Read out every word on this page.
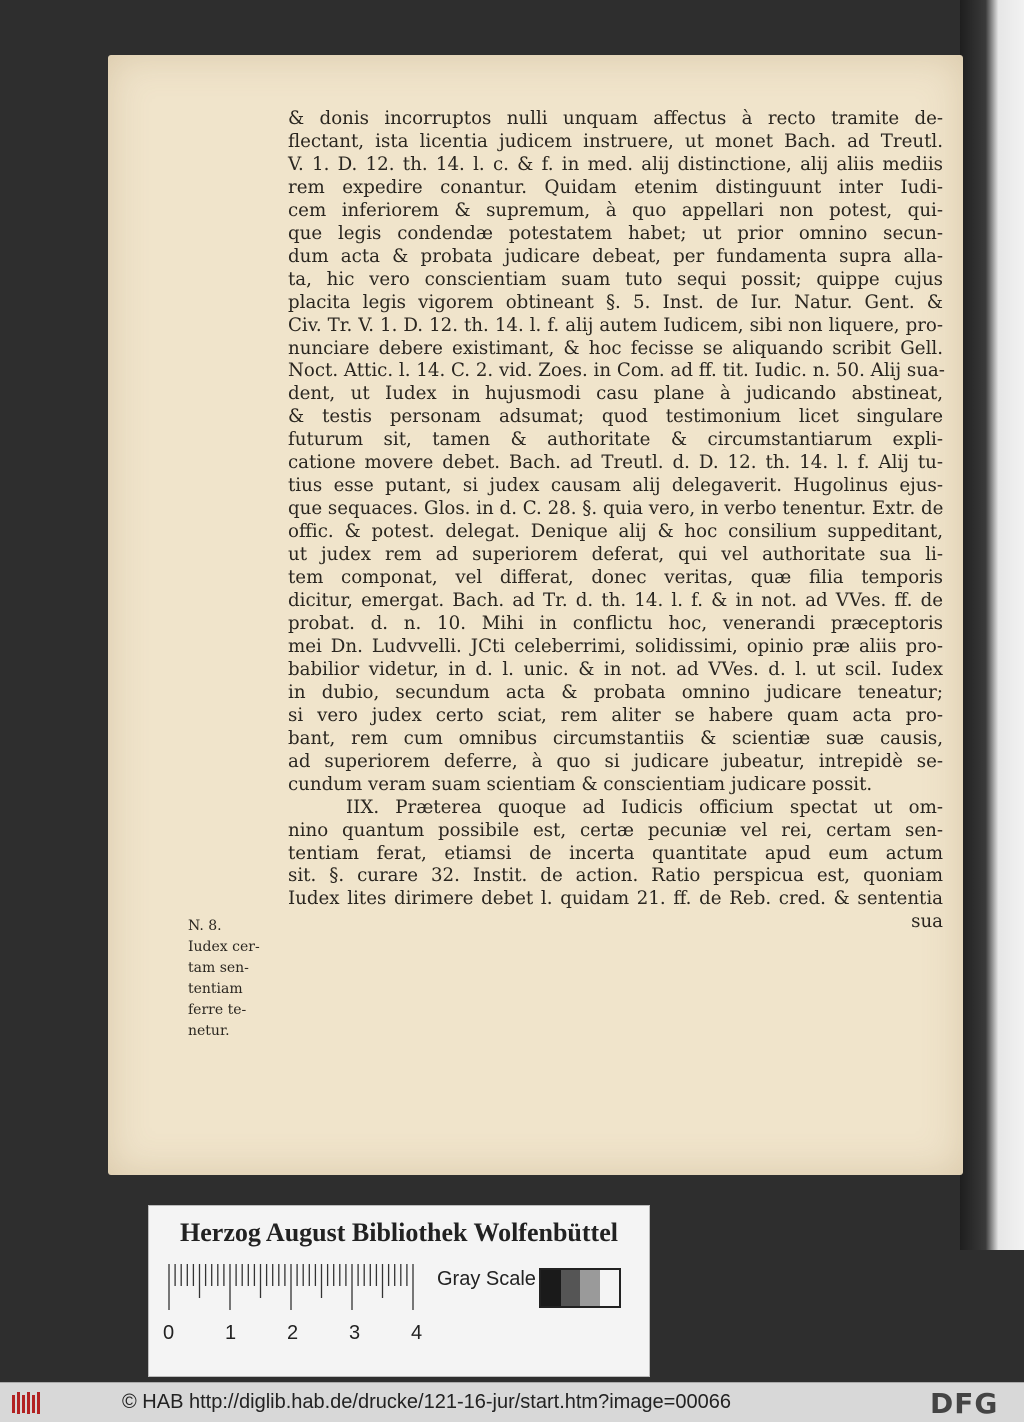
& donis incorruptos nulli unquam affectus à recto tramite de-
flectant, ista licentia judicem instruere, ut monet Bach. ad Treutl.
V. 1. D. 12. th. 14. l. c. & f. in med. alij distinctione, alij aliis mediis
rem expedire conantur. Quidam etenim distinguunt inter Iudi-
cem inferiorem & supremum, à quo appellari non potest, qui-
que legis condendæ potestatem habet; ut prior omnino secun-
dum acta & probata judicare debeat, per fundamenta supra alla-
ta, hic vero conscientiam suam tuto sequi possit; quippe cujus
placita legis vigorem obtineant §. 5. Inst. de Iur. Natur. Gent. &
Civ. Tr. V. 1. D. 12. th. 14. l. f. alij autem Iudicem, sibi non liquere, pro-
nunciare debere existimant, & hoc fecisse se aliquando scribit Gell.
Noct. Attic. l. 14. C. 2. vid. Zoes. in Com. ad ff. tit. Iudic. n. 50. Alij sua-
dent, ut Iudex in hujusmodi casu plane à judicando abstineat,
& testis personam adsumat; quod testimonium licet singulare
futurum sit, tamen & authoritate & circumstantiarum expli-
catione movere debet. Bach. ad Treutl. d. D. 12. th. 14. l. f. Alij tu-
tius esse putant, si judex causam alij delegaverit. Hugolinus ejus-
que sequaces. Glos. in d. C. 28. §. quia vero, in verbo tenentur. Extr. de
offic. & potest. delegat. Denique alij & hoc consilium suppeditant,
ut judex rem ad superiorem deferat, qui vel authoritate sua li-
tem componat, vel differat, donec veritas, quæ filia temporis
dicitur, emergat. Bach. ad Tr. d. th. 14. l. f. & in not. ad VVes. ff. de
probat. d. n. 10. Mihi in conflictu hoc, venerandi præceptoris
mei Dn. Ludvvelli. JCti celeberrimi, solidissimi, opinio præ aliis pro-
babilior videtur, in d. l. unic. & in not. ad VVes. d. l. ut scil. Iudex
in dubio, secundum acta & probata omnino judicare teneatur;
si vero judex certo sciat, rem aliter se habere quam acta pro-
bant, rem cum omnibus circumstantiis & scientiæ suæ causis,
ad superiorem deferre, à quo si judicare jubeatur, intrepidè se-
cundum veram suam scientiam & conscientiam judicare possit.
IIX. Præterea quoque ad Iudicis officium spectat ut om-
nino quantum possibile est, certæ pecuniæ vel rei, certam sen-
tentiam ferat, etiamsi de incerta quantitate apud eum actum
sit. §. curare 32. Instit. de action. Ratio perspicua est, quoniam
Iudex lites dirimere debet l. quidam 21. ff. de Reb. cred. & sententia
sua
N. 8.
Iudex cer-
tam sen-
tentiam
ferre te-
netur.
Herzog August Bibliothek Wolfenbüttel
0	1	2	3	4
Gray Scale
© HAB http://diglib.hab.de/drucke/121-16-jur/start.htm?image=00066	DFG
